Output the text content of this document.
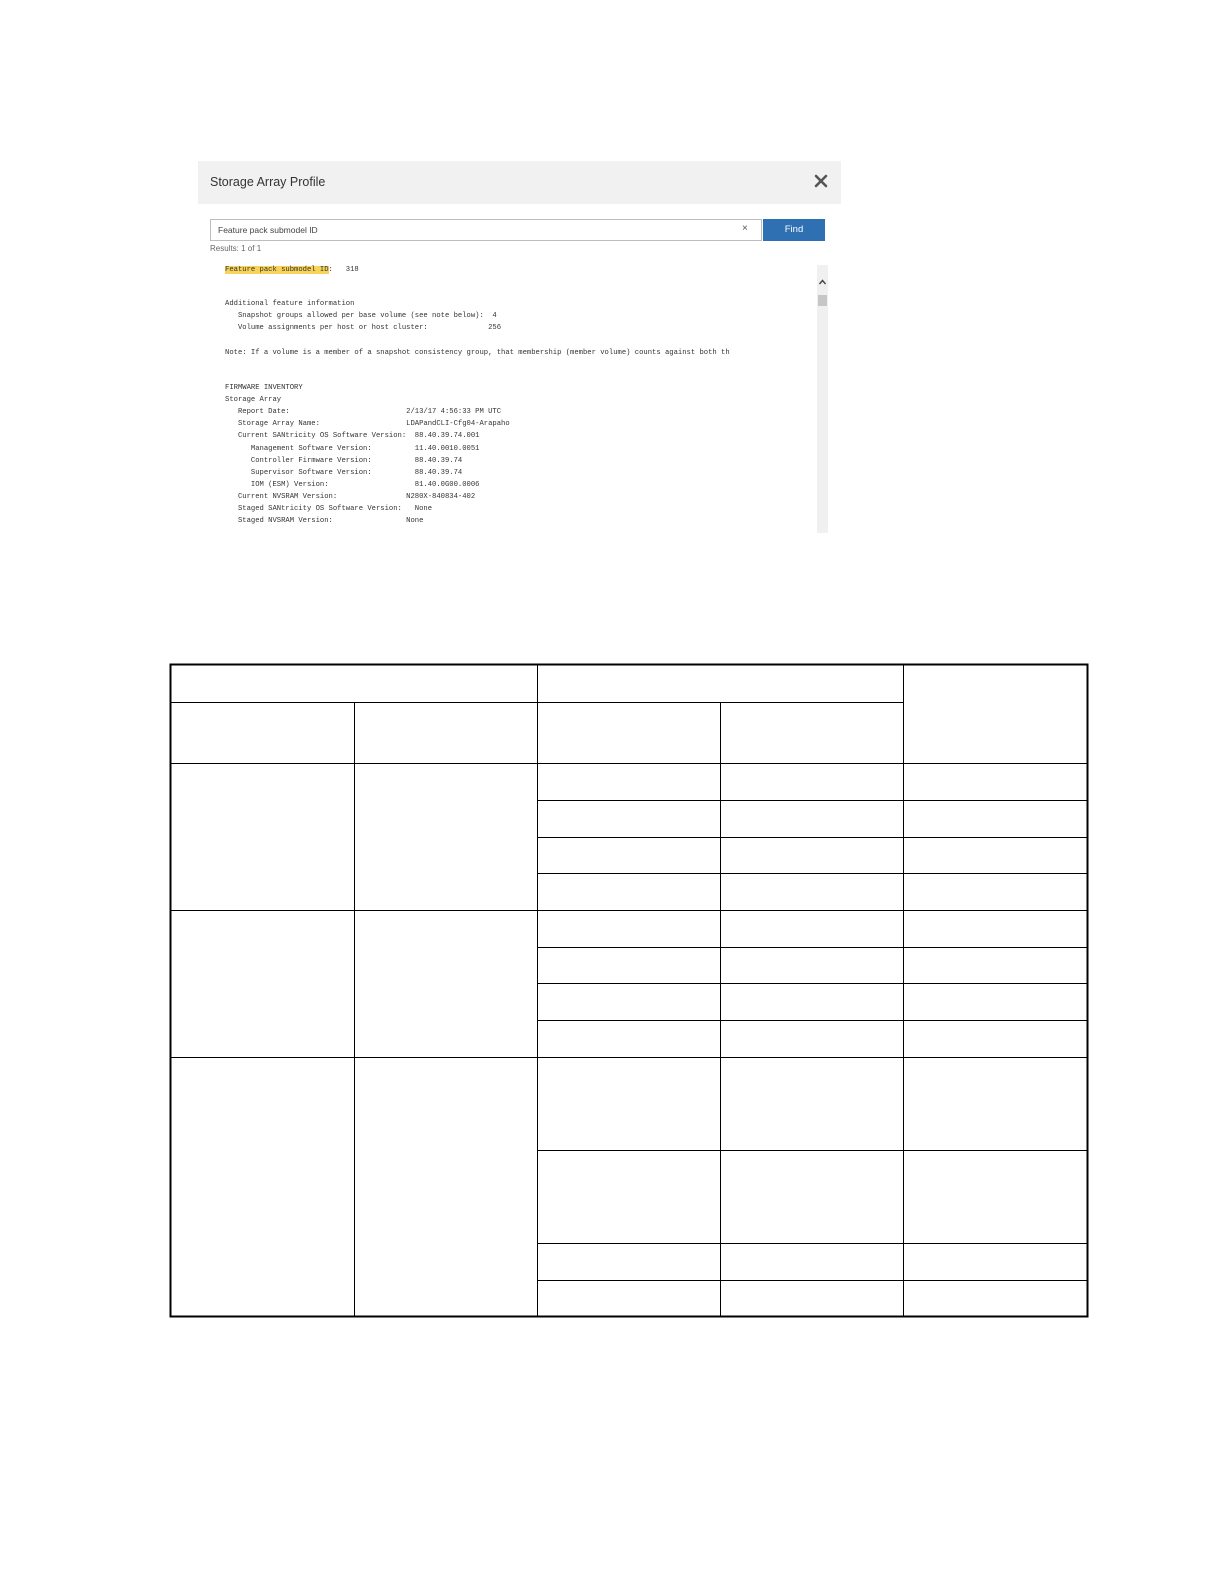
Storage Array Profile
Feature pack submodel ID
×	Find
Results: 1 of 1

Feature pack submodel ID:   318

Additional feature information

Snapshot groups allowed per base volume (see note below):  4

Volume assignments per host or host cluster:              256

Note: If a volume is a member of a snapshot consistency group, that membership (member volume) counts against both th

FIRMWARE INVENTORY

Storage Array

Report Date:                           2/13/17 4:56:33 PM UTC

Storage Array Name:                    LDAPandCLI-Cfg04-Arapaho

Current SANtricity OS Software Version:  88.40.39.74.001

Management Software Version:          11.40.0010.0051

Controller Firmware Version:          88.40.39.74

Supervisor Software Version:          88.40.39.74

IOM (ESM) Version:                    81.40.0G00.0006

Current NVSRAM Version:                N280X-840834-402

Staged SANtricity OS Software Version:   None

Staged NVSRAM Version:                 None
